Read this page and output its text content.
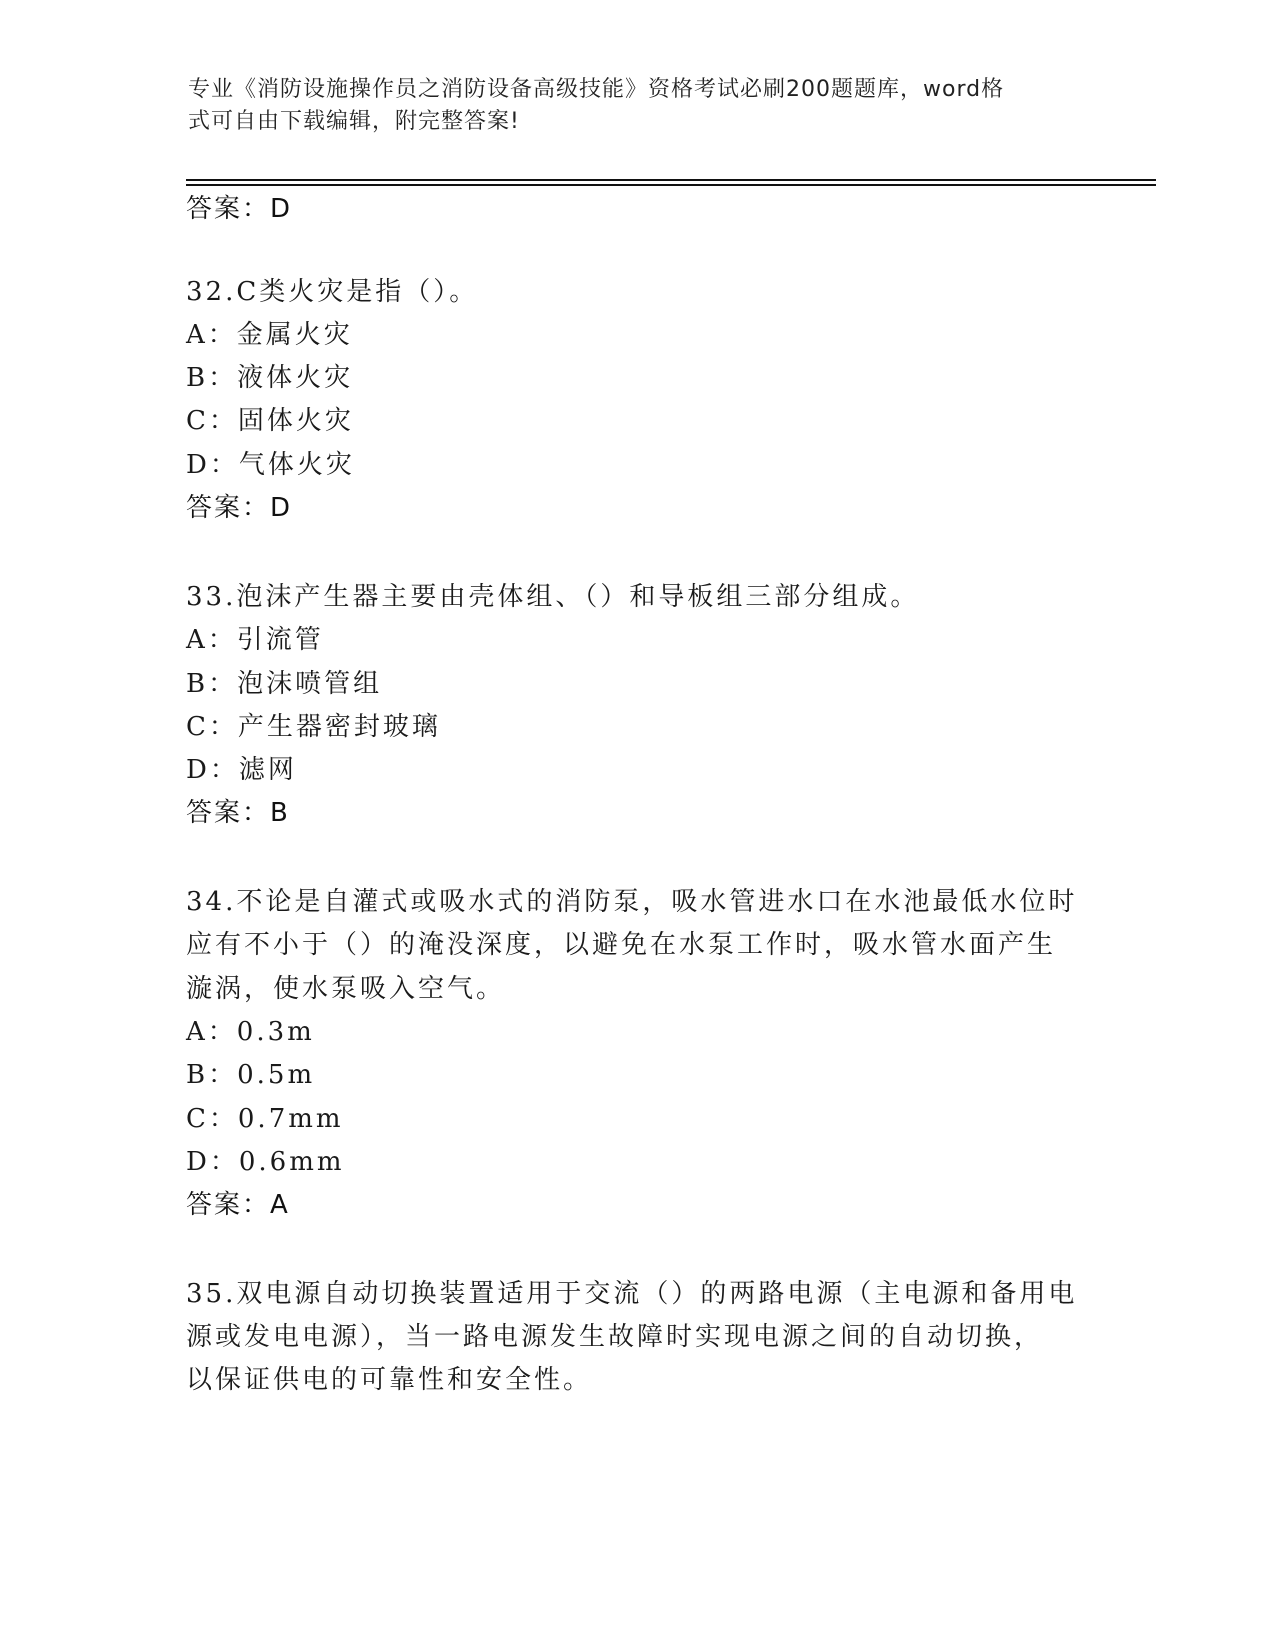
专业《消防设施操作员之消防设备高级技能》资格考试必刷200题题库，word格
式可自由下载编辑，附完整答案!
答案：D
32.C类火灾是指（）。
A：金属火灾
B：液体火灾
C：固体火灾
D：气体火灾
答案：D
33.泡沫产生器主要由壳体组、（）和导板组三部分组成。
A：引流管
B：泡沫喷管组
C：产生器密封玻璃
D：滤网
答案：B
34.不论是自灌式或吸水式的消防泵，吸水管进水口在水池最低水位时
应有不小于（）的淹没深度，以避免在水泵工作时，吸水管水面产生
漩涡，使水泵吸入空气。
A：0.3m
B：0.5m
C：0.7mm
D：0.6mm
答案：A
35.双电源自动切换装置适用于交流（）的两路电源（主电源和备用电
源或发电电源），当一路电源发生故障时实现电源之间的自动切换，
以保证供电的可靠性和安全性。
